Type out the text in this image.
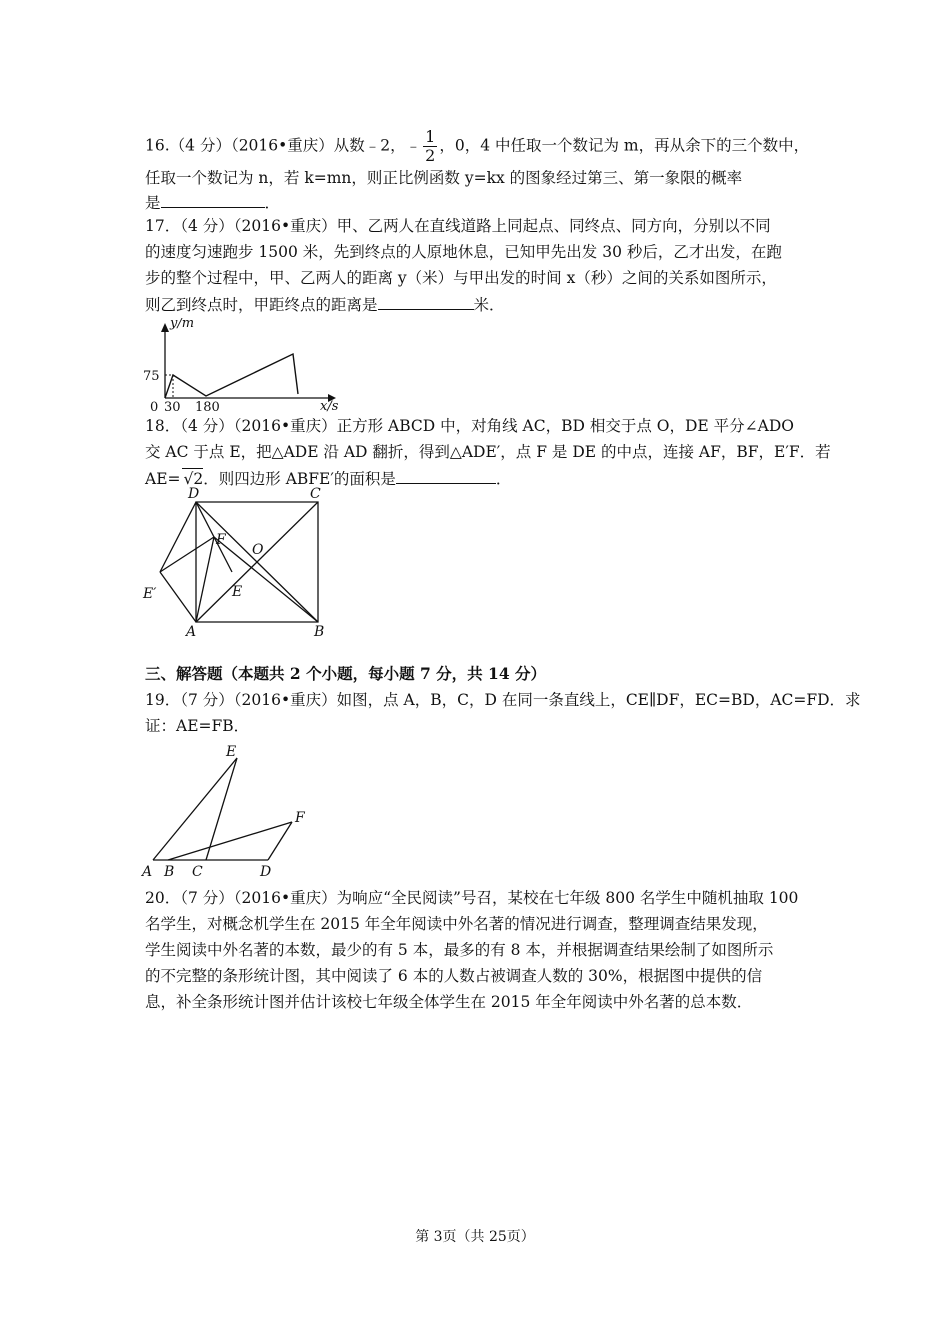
16.（4 分）（2016•重庆）从数﹣2，﹣ $\frac{1}{2}$ ，0，4 中任取一个数记为 m，再从余下的三个数中，
任取一个数记为 n，若 k=mn，则正比例函数 y=kx 的图象经过第三、第一象限的概率
是	．
17．（4 分）（2016•重庆）甲、乙两人在直线道路上同起点、同终点、同方向，分别以不同
的速度匀速跑步 1500 米，先到终点的人原地休息，已知甲先出发 30 秒后，乙才出发，在跑
步的整个过程中，甲、乙两人的距离 y（米）与甲出发的时间 x（秒）之间的关系如图所示，
则乙到终点时，甲距终点的距离是	米．
y/m
x/s
75
0 30 180
18．（4 分）（2016•重庆）正方形 ABCD 中，对角线 AC，BD 相交于点 O，DE 平分∠ADO
交 AC 于点 E，把△ADE 沿 AD 翻折，得到△ADE′，点 F 是 DE 的中点，连接 AF，BF，E′F．若
AE= √2．则四边形 ABFE′的面积是	．
D	C
F
O
E′	E
A	B
三、解答题（本题共 2 个小题，每小题 7 分，共 14 分）
19．（7 分）（2016•重庆）如图，点 A，B，C，D 在同一条直线上，CE∥DF，EC=BD，AC=FD．求
证：AE=FB．
E
F
A B C	D
20．（7 分）（2016•重庆）为响应“全民阅读”号召，某校在七年级 800 名学生中随机抽取 100
名学生，对概念机学生在 2015 年全年阅读中外名著的情况进行调查，整理调查结果发现，
学生阅读中外名著的本数，最少的有 5 本，最多的有 8 本，并根据调查结果绘制了如图所示
的不完整的条形统计图，其中阅读了 6 本的人数占被调查人数的 30%，根据图中提供的信
息，补全条形统计图并估计该校七年级全体学生在 2015 年全年阅读中外名著的总本数．
第 3页（共 25页）
